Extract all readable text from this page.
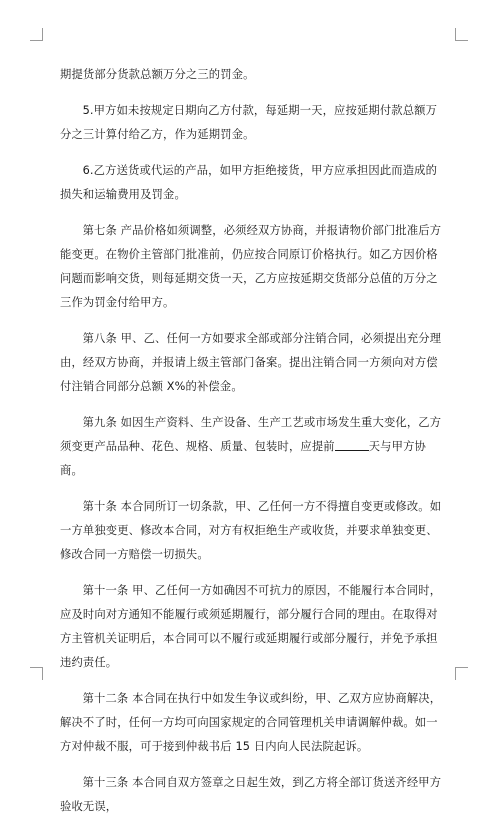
期提货部分货款总额万分之三的罚金。

5.甲方如未按规定日期向乙方付款，每延期一天，应按延期付款总额万分之三计算付给乙方，作为延期罚金。

6.乙方送货或代运的产品，如甲方拒绝接货，甲方应承担因此而造成的损失和运输费用及罚金。

第七条 产品价格如须调整，必须经双方协商，并报请物价部门批准后方能变更。在物价主管部门批准前，仍应按合同原订价格执行。如乙方因价格问题而影响交货，则每延期交货一天，乙方应按延期交货部分总值的万分之三作为罚金付给甲方。

第八条 甲、乙、任何一方如要求全部或部分注销合同，必须提出充分理由，经双方协商，并报请上级主管部门备案。提出注销合同一方须向对方偿付注销合同部分总额 X%的补偿金。

第九条 如因生产资料、生产设备、生产工艺或市场发生重大变化，乙方须变更产品品种、花色、规格、质量、包装时，应提前	天与甲方协商。

第十条 本合同所订一切条款，甲、乙任何一方不得擅自变更或修改。如一方单独变更、修改本合同，对方有权拒绝生产或收货，并要求单独变更、修改合同一方赔偿一切损失。

第十一条 甲、乙任何一方如确因不可抗力的原因，不能履行本合同时，应及时向对方通知不能履行或须延期履行，部分履行合同的理由。在取得对方主管机关证明后，本合同可以不履行或延期履行或部分履行，并免予承担违约责任。

第十二条 本合同在执行中如发生争议或纠纷，甲、乙双方应协商解决，解决不了时，任何一方均可向国家规定的合同管理机关申请调解仲裁。如一方对仲裁不服，可于接到仲裁书后 15 日内向人民法院起诉。

第十三条 本合同自双方签章之日起生效，到乙方将全部订货送齐经甲方验收无误，
